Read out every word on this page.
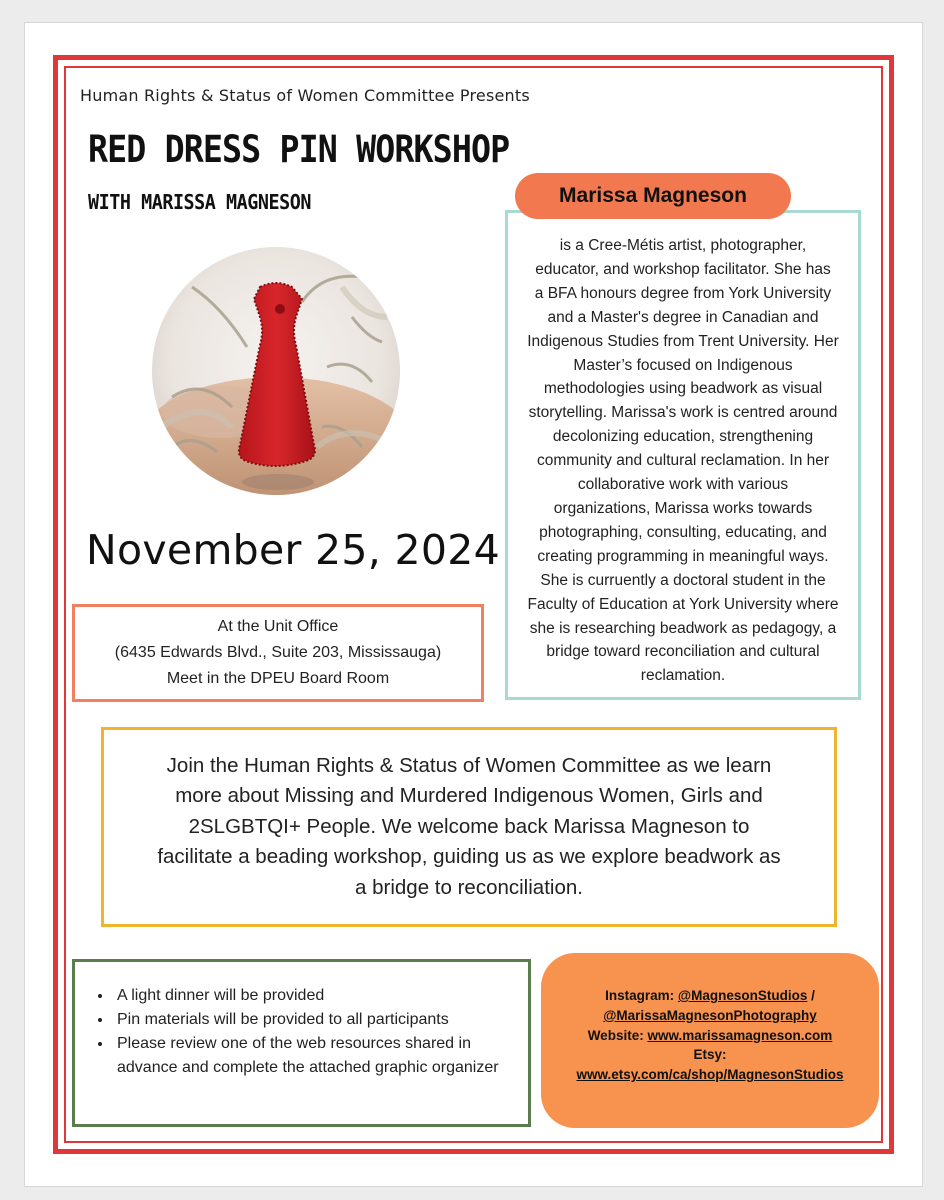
Human Rights & Status of Women Committee Presents
RED DRESS PIN WORKSHOP
WITH MARISSA MAGNESON
November 25, 2024
At the Unit Office
(6435 Edwards Blvd., Suite 203, Mississauga)
Meet in the DPEU Board Room
Marissa Magneson
is a Cree-Métis artist, photographer,
educator, and workshop facilitator. She has
a BFA honours degree from York University
and a Master's degree in Canadian and
Indigenous Studies from Trent University. Her
Master’s focused on Indigenous
methodologies using beadwork as visual
storytelling. Marissa's work is centred around
decolonizing education, strengthening
community and cultural reclamation. In her
collaborative work with various
organizations, Marissa works towards
photographing, consulting, educating, and
creating programming in meaningful ways.
She is curruently a doctoral student in the
Faculty of Education at York University where
she is researching beadwork as pedagogy, a
bridge toward reconciliation and cultural
reclamation.
Join the Human Rights & Status of Women Committee as we learn
more about Missing and Murdered Indigenous Women, Girls and
2SLGBTQI+ People. We welcome back Marissa Magneson to
facilitate a beading workshop, guiding us as we explore beadwork as
a bridge to reconciliation.
• A light dinner will be provided
• Pin materials will be provided to all participants
• Please review one of the web resources shared in advance and complete the attached graphic organizer
Instagram: @MagnesonStudios /
@MarissaMagnesonPhotography
Website: www.marissamagneson.com
Etsy:
www.etsy.com/ca/shop/MagnesonStudios
